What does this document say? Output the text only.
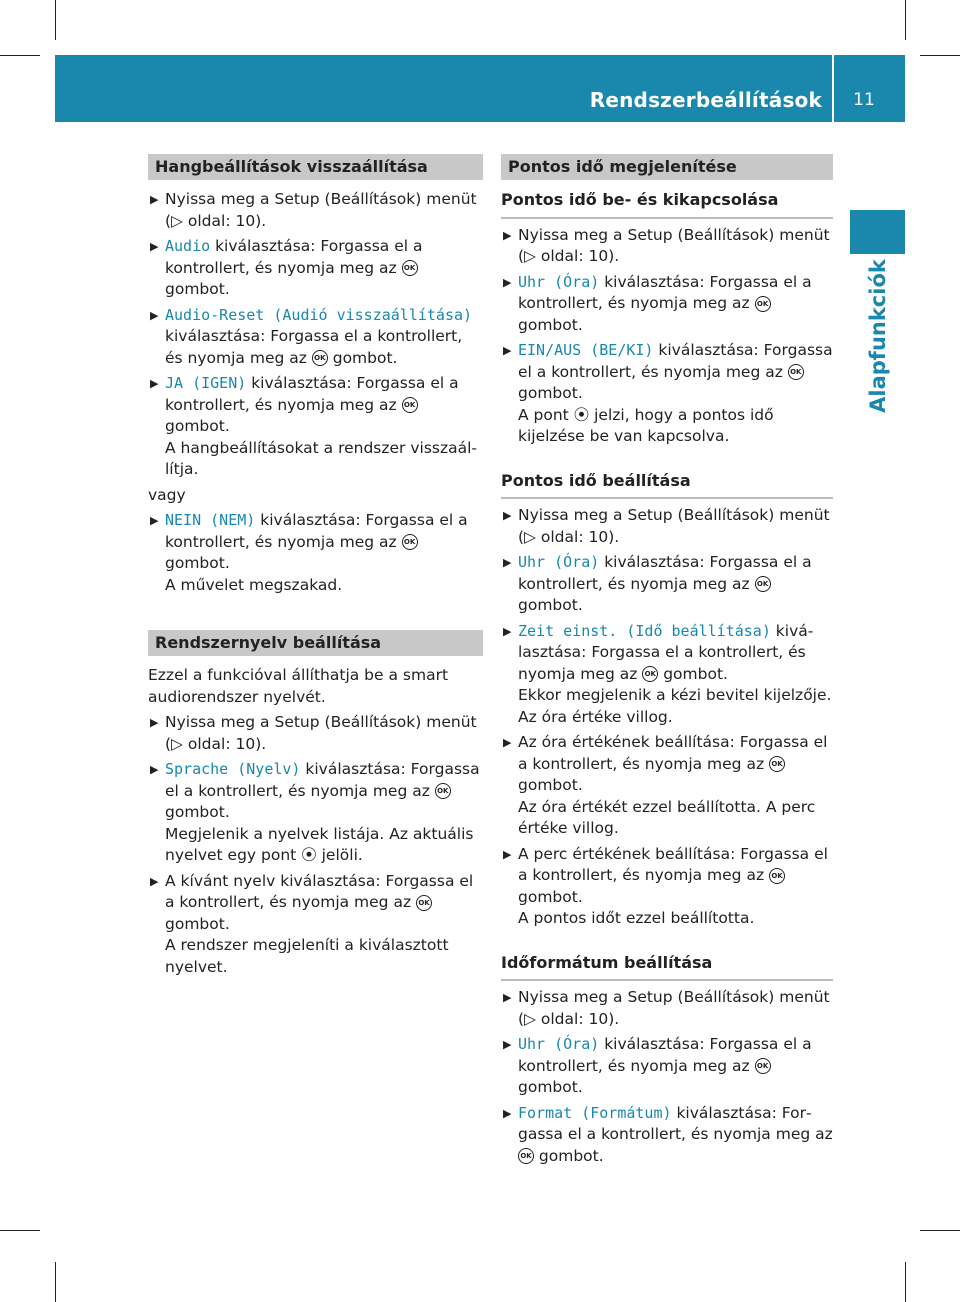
Rendszerbeállítások	11
Alapfunkciók
Hangbeállítások visszaállítása
▶ Nyissa meg a Setup (Beállítások) menüt (▷ oldal: 10).
▶ Audio kiválasztása: Forgassa el a kontrollert, és nyomja meg az OK gombot.
▶ Audio-Reset (Audió visszaállítása) kiválasztása: Forgassa el a kontrollert, és nyomja meg az OK gombot.
▶ JA (IGEN) kiválasztása: Forgassa el a kontrollert, és nyomja meg az OK gombot.
A hangbeállításokat a rendszer visszaállítja.
vagy
▶ NEIN (NEM) kiválasztása: Forgassa el a kontrollert, és nyomja meg az OK gombot.
A művelet megszakad.
Rendszernyelv beállítása
Ezzel a funkcióval állíthatja be a smart audiorendszer nyelvét.
▶ Nyissa meg a Setup (Beállítások) menüt (▷ oldal: 10).
▶ Sprache (Nyelv) kiválasztása: Forgassa el a kontrollert, és nyomja meg az OK gombot.
Megjelenik a nyelvek listája. Az aktuális nyelvet egy pont ⦿ jelöli.
▶ A kívánt nyelv kiválasztása: Forgassa el a kontrollert, és nyomja meg az OK gombot.
A rendszer megjeleníti a kiválasztott nyelvet.
Pontos idő megjelenítése
Pontos idő be- és kikapcsolása
▶ Nyissa meg a Setup (Beállítások) menüt (▷ oldal: 10).
▶ Uhr (Óra) kiválasztása: Forgassa el a kontrollert, és nyomja meg az OK gombot.
▶ EIN/AUS (BE/KI) kiválasztása: Forgassa el a kontrollert, és nyomja meg az OK gombot.
A pont ⦿ jelzi, hogy a pontos idő kijelzése be van kapcsolva.
Pontos idő beállítása
▶ Nyissa meg a Setup (Beállítások) menüt (▷ oldal: 10).
▶ Uhr (Óra) kiválasztása: Forgassa el a kontrollert, és nyomja meg az OK gombot.
▶ Zeit einst. (Idő beállítása) kiválasztása: Forgassa el a kontrollert, és nyomja meg az OK gombot.
Ekkor megjelenik a kézi bevitel kijelzője. Az óra értéke villog.
▶ Az óra értékének beállítása: Forgassa el a kontrollert, és nyomja meg az OK gombot.
Az óra értékét ezzel beállította. A perc értéke villog.
▶ A perc értékének beállítása: Forgassa el a kontrollert, és nyomja meg az OK gombot.
A pontos időt ezzel beállította.
Időformátum beállítása
▶ Nyissa meg a Setup (Beállítások) menüt (▷ oldal: 10).
▶ Uhr (Óra) kiválasztása: Forgassa el a kontrollert, és nyomja meg az OK gombot.
▶ Format (Formátum) kiválasztása: Forgassa el a kontrollert, és nyomja meg az OK gombot.
